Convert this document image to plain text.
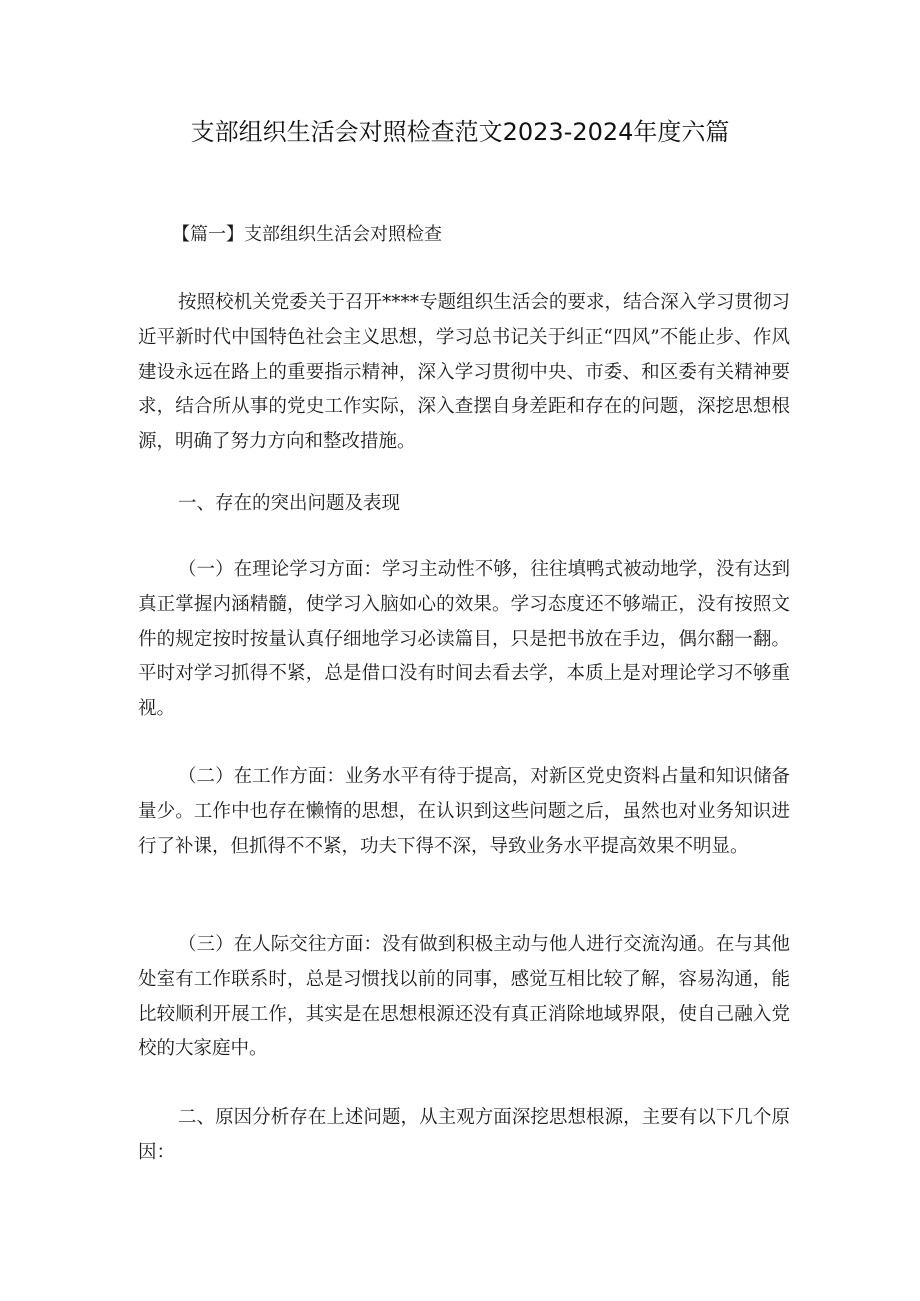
支部组织生活会对照检查范文2023-2024年度六篇
【篇一】支部组织生活会对照检查

按照校机关党委关于召开****专题组织生活会的要求，结合深入学习贯彻习近平新时代中国特色社会主义思想，学习总书记关于纠正“四风”不能止步、作风建设永远在路上的重要指示精神，深入学习贯彻中央、市委、和区委有关精神要求，结合所从事的党史工作实际，深入查摆自身差距和存在的问题，深挖思想根源，明确了努力方向和整改措施。

一、存在的突出问题及表现

（一）在理论学习方面：学习主动性不够，往往填鸭式被动地学，没有达到真正掌握内涵精髓，使学习入脑如心的效果。学习态度还不够端正，没有按照文件的规定按时按量认真仔细地学习必读篇目，只是把书放在手边，偶尔翻一翻。平时对学习抓得不紧，总是借口没有时间去看去学，本质上是对理论学习不够重视。

（二）在工作方面：业务水平有待于提高，对新区党史资料占量和知识储备量少。工作中也存在懒惰的思想，在认识到这些问题之后，虽然也对业务知识进行了补课，但抓得不不紧，功夫下得不深，导致业务水平提高效果不明显。

（三）在人际交往方面：没有做到积极主动与他人进行交流沟通。在与其他处室有工作联系时，总是习惯找以前的同事，感觉互相比较了解，容易沟通，能比较顺利开展工作，其实是在思想根源还没有真正消除地域界限，使自己融入党校的大家庭中。

二、原因分析存在上述问题，从主观方面深挖思想根源，主要有以下几个原因：
